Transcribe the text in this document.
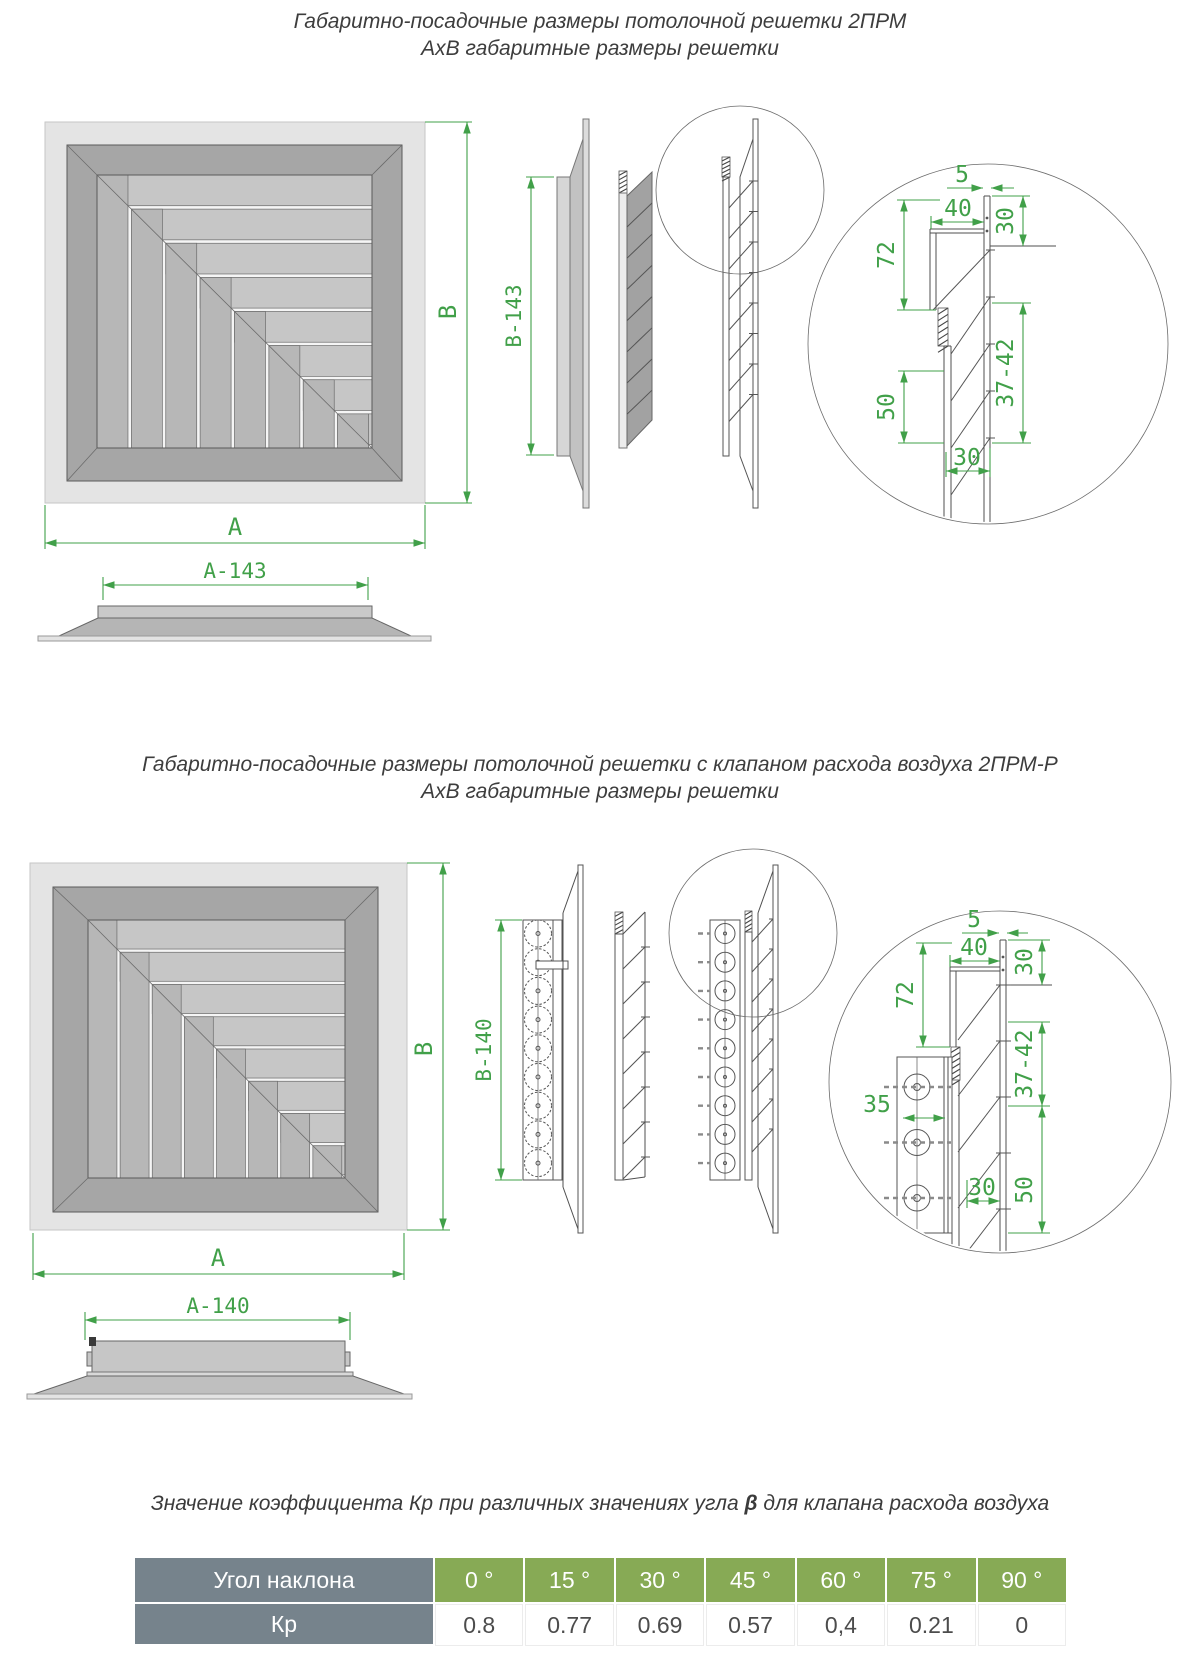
Габаритно-посадочные размеры потолочной решетки 2ПРМ
АхВ габаритные размеры решетки
B
A
A-143
B-143
5
40 30
72
50	37-42
30
B
A
A-140
B-140
5
40
30
72
37-42
35
30 50
Габаритно-посадочные размеры потолочной решетки с клапаном расхода воздуха 2ПРМ-Р
АхВ габаритные размеры решетки
Значение коэффициента Кр при различных значениях угла β для клапана расхода воздуха
Угол наклона	0 °	15 °	30 °	45 °	60 °	75 °	90 °
Кр	0.8	0.77	0.69	0.57	0,4	0.21	0
